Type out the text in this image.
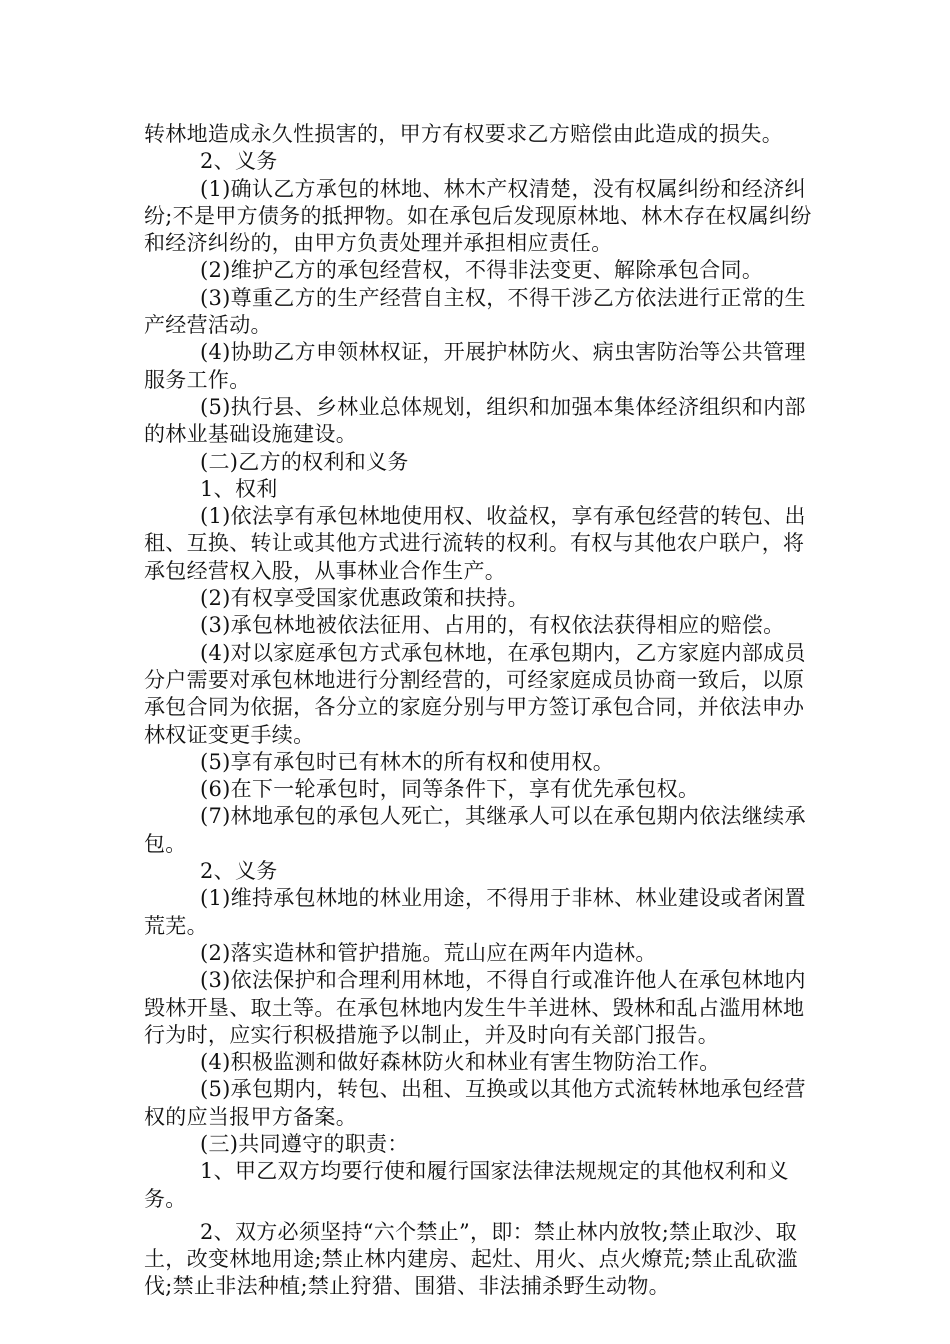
转林地造成永久性损害的，甲方有权要求乙方赔偿由此造成的损失。

2、义务

(1)确认乙方承包的林地、林木产权清楚，没有权属纠纷和经济纠纷;不是甲方债务的抵押物。如在承包后发现原林地、林木存在权属纠纷和经济纠纷的，由甲方负责处理并承担相应责任。

(2)维护乙方的承包经营权，不得非法变更、解除承包合同。

(3)尊重乙方的生产经营自主权，不得干涉乙方依法进行正常的生产经营活动。

(4)协助乙方申领林权证，开展护林防火、病虫害防治等公共管理服务工作。

(5)执行县、乡林业总体规划，组织和加强本集体经济组织和内部的林业基础设施建设。

(二)乙方的权利和义务

1、权利

(1)依法享有承包林地使用权、收益权，享有承包经营的转包、出租、互换、转让或其他方式进行流转的权利。有权与其他农户联户，将承包经营权入股，从事林业合作生产。

(2)有权享受国家优惠政策和扶持。

(3)承包林地被依法征用、占用的，有权依法获得相应的赔偿。

(4)对以家庭承包方式承包林地，在承包期内，乙方家庭内部成员分户需要对承包林地进行分割经营的，可经家庭成员协商一致后，以原承包合同为依据，各分立的家庭分别与甲方签订承包合同，并依法申办林权证变更手续。

(5)享有承包时已有林木的所有权和使用权。

(6)在下一轮承包时，同等条件下，享有优先承包权。

(7)林地承包的承包人死亡，其继承人可以在承包期内依法继续承包。

2、义务

(1)维持承包林地的林业用途，不得用于非林、林业建设或者闲置荒芜。

(2)落实造林和管护措施。荒山应在两年内造林。

(3)依法保护和合理利用林地，不得自行或准许他人在承包林地内毁林开垦、取土等。在承包林地内发生牛羊进林、毁林和乱占滥用林地行为时，应实行积极措施予以制止，并及时向有关部门报告。

(4)积极监测和做好森林防火和林业有害生物防治工作。

(5)承包期内，转包、出租、互换或以其他方式流转林地承包经营权的应当报甲方备案。

(三)共同遵守的职责：

1、甲乙双方均要行使和履行国家法律法规规定的其他权利和义务。

2、双方必须坚持“六个禁止”，即：禁止林内放牧;禁止取沙、取土，改变林地用途;禁止林内建房、起灶、用火、点火燎荒;禁止乱砍滥伐;禁止非法种植;禁止狩猎、围猎、非法捕杀野生动物。
